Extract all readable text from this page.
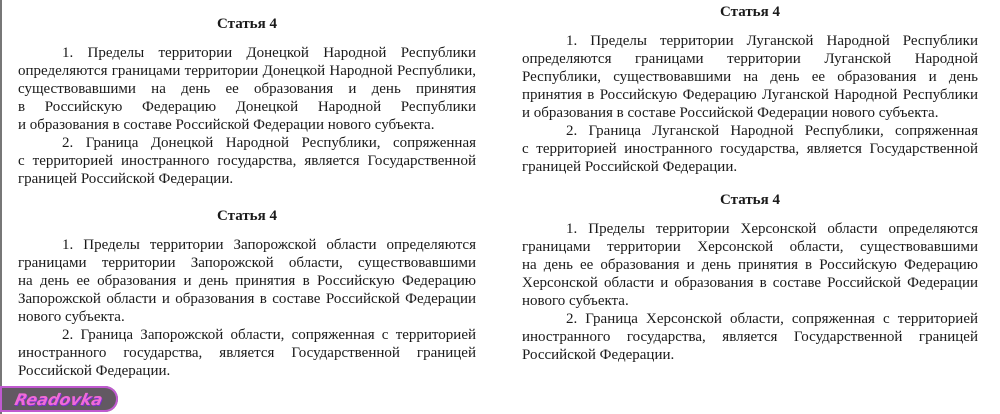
Статья 4
1. Пределы территории Донецкой Народной Республики
определяются границами территории Донецкой Народной Республики,
существовавшими на день ее образования и день принятия
в Российскую Федерацию Донецкой Народной Республики
и образования в составе Российской Федерации нового субъекта.
2. Граница Донецкой Народной Республики, сопряженная
с территорией иностранного государства, является Государственной
границей Российской Федерации.
Статья 4
1. Пределы территории Запорожской области определяются
границами территории Запорожской области, существовавшими
на день ее образования и день принятия в Российскую Федерацию
Запорожской области и образования в составе Российской Федерации
нового субъекта.
2. Граница Запорожской области, сопряженная с территорией
иностранного государства, является Государственной границей
Российской Федерации.
Статья 4
1. Пределы территории Луганской Народной Республики
определяются границами территории Луганской Народной
Республики, существовавшими на день ее образования и день
принятия в Российскую Федерацию Луганской Народной Республики
и образования в составе Российской Федерации нового субъекта.
2. Граница Луганской Народной Республики, сопряженная
с территорией иностранного государства, является Государственной
границей Российской Федерации.
Статья 4
1. Пределы территории Херсонской области определяются
границами территории Херсонской области, существовавшими
на день ее образования и день принятия в Российскую Федерацию
Херсонской области и образования в составе Российской Федерации
нового субъекта.
2. Граница Херсонской области, сопряженная с территорией
иностранного государства, является Государственной границей
Российской Федерации.
Readovka
